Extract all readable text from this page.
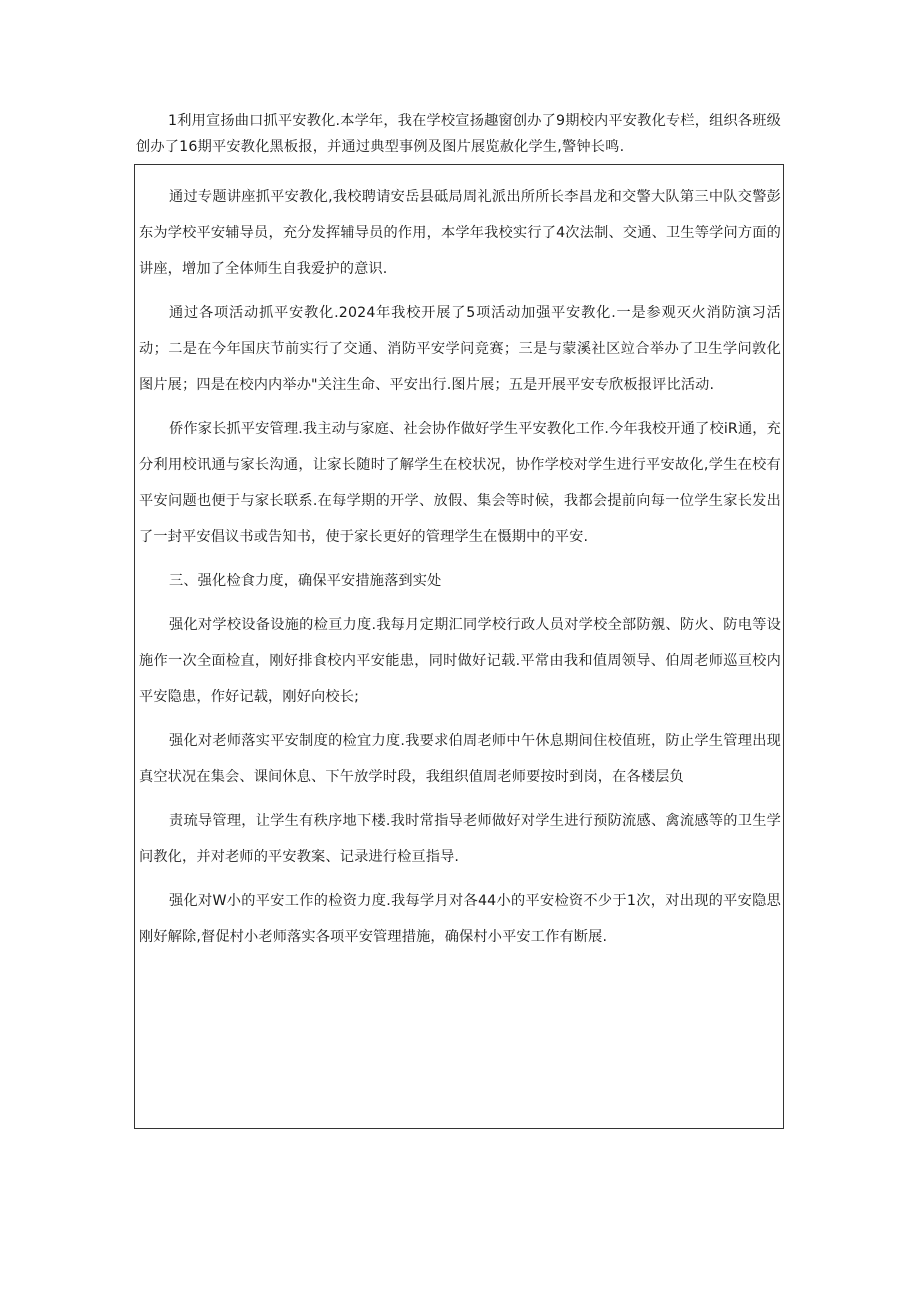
1利用宣扬曲口抓平安教化.本学年，我在学校宣扬趣窗创办了9期校内平安教化专栏，组织各班级

创办了16期平安教化黑板报，并通过典型事例及图片展览赦化学生,警钟长鸣.

通过专题讲座抓平安教化,我校聘请安岳县砥局周礼派出所所长李昌龙和交警大队第三中队交警彭东为学校平安辅导员，充分发挥辅导员的作用，本学年我校实行了4次法制、交通、卫生等学问方面的讲座，增加了全体师生自我爱护的意识.

通过各项活动抓平安教化.2024年我校开展了5项活动加强平安教化.一是参观灭火消防演习活动；二是在今年国庆节前实行了交通、消防平安学问竞赛；三是与蒙溪社区竝合举办了卫生学问敦化图片展；四是在校内内举办"关注生命、平安出行.图片展；五是开展平安专欣板报评比活动.

侨作家长抓平安管理.我主动与家庭、社会协作做好学生平安教化工作.今年我校开通了校iR通，充分利用校讯通与家长沟通，让家长随时了解学生在校状况，协作学校对学生进行平安故化,学生在校有平安问题也便于与家长联系.在每学期的开学、放假、集会等时候，我都会提前向每一位学生家长发出了一封平安倡议书或告知书，使于家长更好的管理学生在慑期中的平安.

三、强化检食力度，确保平安措施落到实处

强化对学校设备设施的检亘力度.我每月定期汇同学校行政人员对学校全部防覫、防火、防电等设施作一次全面检直，刚好排食校内平安能患，同时做好记载.平常由我和值周领导、伯周老师巡亘校内平安隐患，作好记载，刚好向校长;

强化对老师落实平安制度的检宜力度.我要求伯周老师中午休息期间住校值班，防止学生管理出现真空状况在集会、课间休息、下午放学时段，我组织值周老师要按时到岗，在各楼层负

责琉导管理，让学生有秩序地下楼.我时常指导老师做好对学生进行预防流感、禽流感等的卫生学问教化，并对老师的平安教案、记录进行检亘指导.

强化对W小的平安工作的检资力度.我每学月对各44小的平安检资不少于1次，对出现的平安隐思刚好解除,督促村小老师落实各项平安管理措施，确保村小平安工作有断展.
